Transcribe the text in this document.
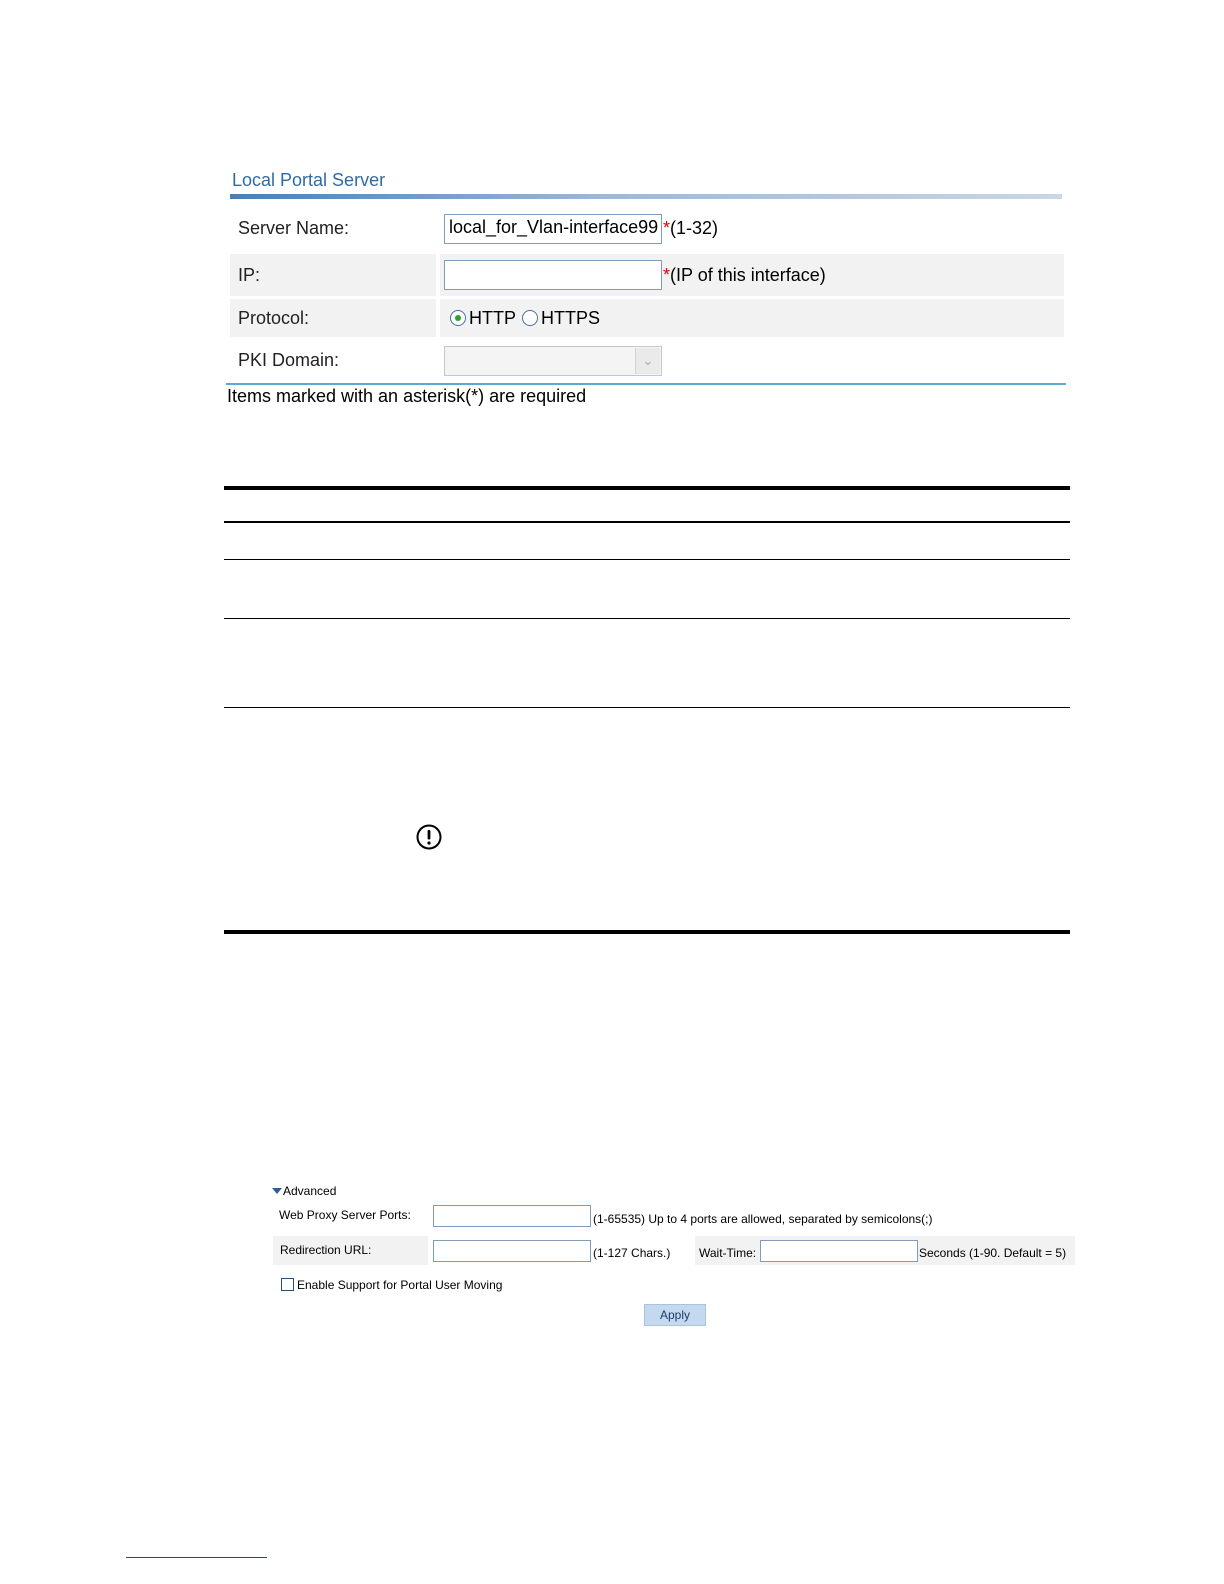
Local Portal Server
Server Name:	local_for_Vlan-interface99 * (1-32)
IP:	* (IP of this interface)
Protocol:	HTTP HTTPS
PKI Domain:	⌄
Items marked with an asterisk(*) are required
Advanced
Web Proxy Server Ports:	(1-65535) Up to 4 ports are allowed, separated by semicolons(;)
Redirection URL:	(1-127 Chars.) Wait-Time:	Seconds (1-90. Default = 5)
Enable Support for Portal User Moving
Apply
